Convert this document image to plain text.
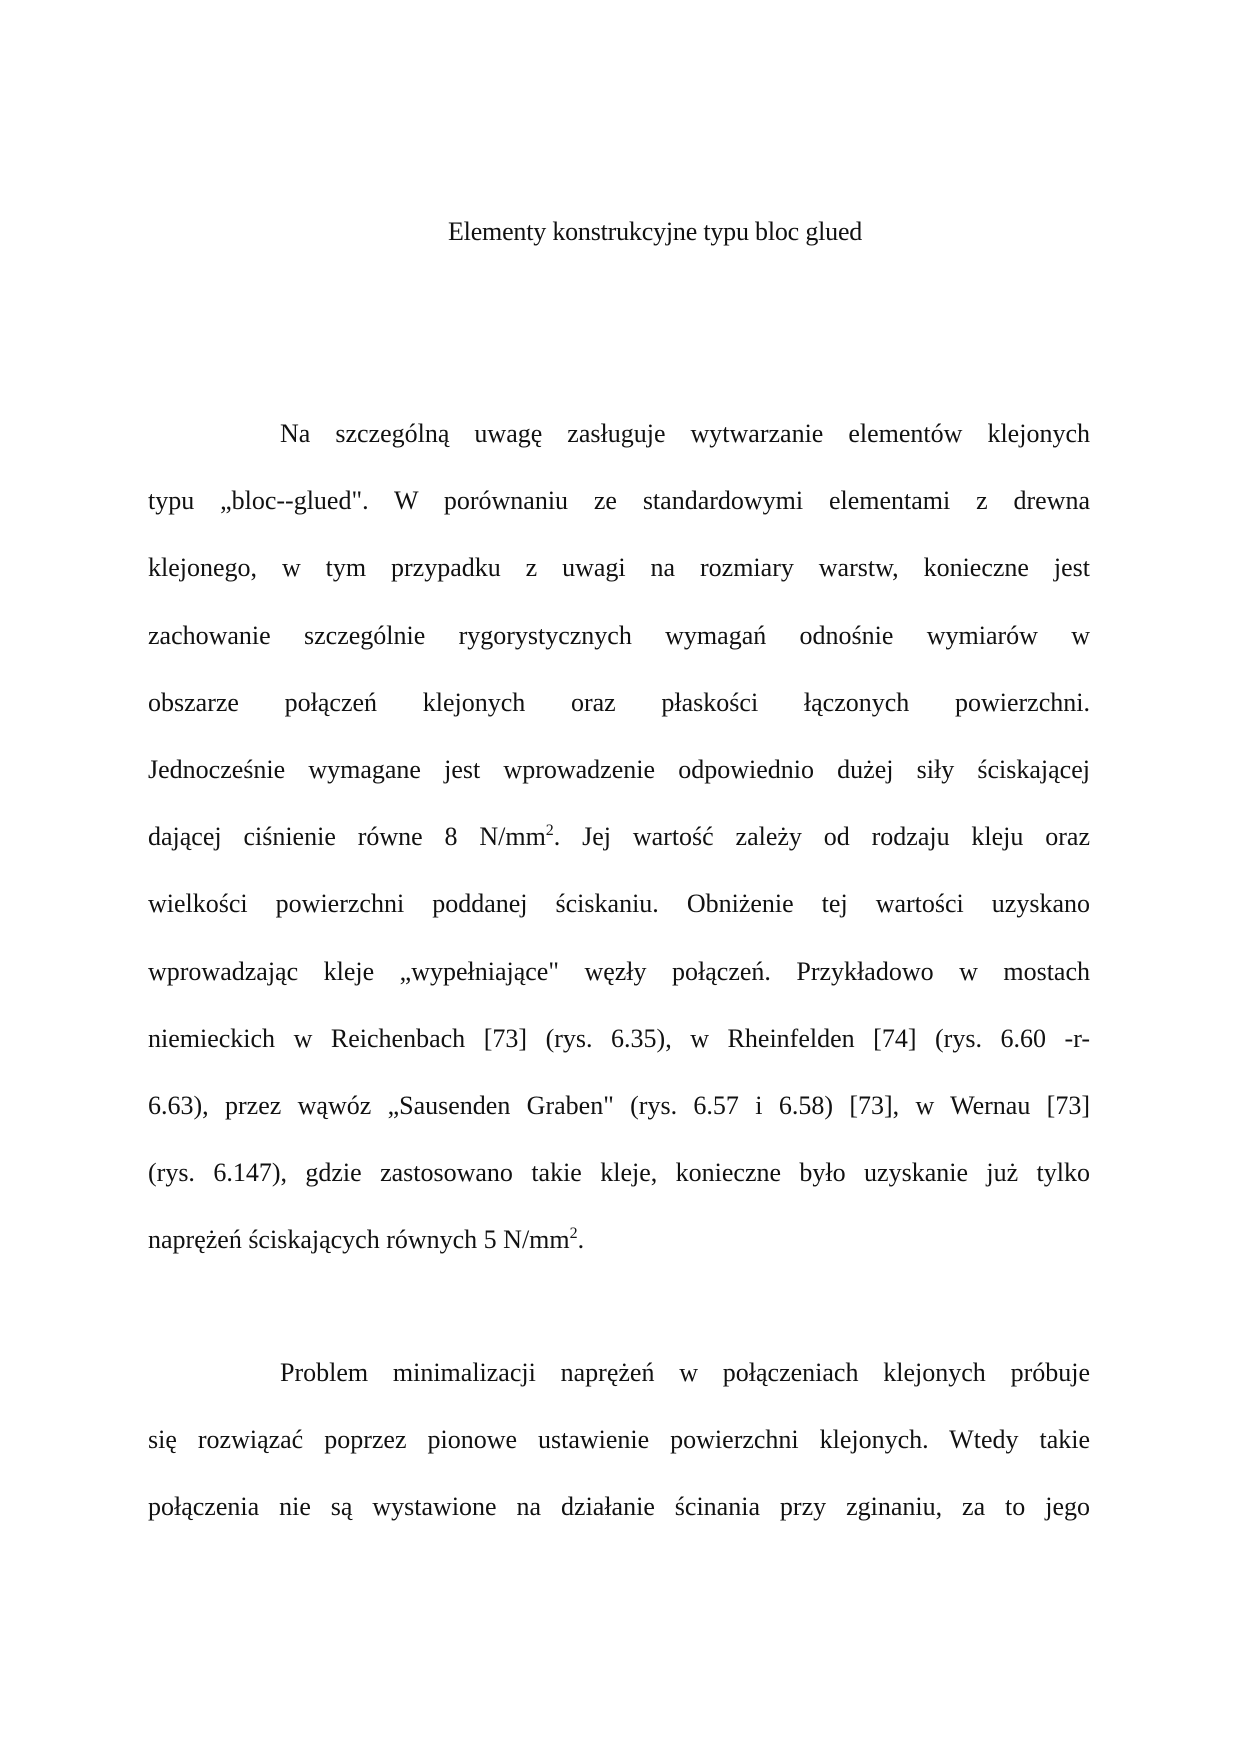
Elementy konstrukcyjne typu bloc glued

Na szczególną uwagę zasługuje wytwarzanie elementów klejonych
typu „bloc--glued". W porównaniu ze standardowymi elementami z drewna
klejonego, w tym przypadku z uwagi na rozmiary warstw, konieczne jest
zachowanie szczególnie rygorystycznych wymagań odnośnie wymiarów w
obszarze połączeń klejonych oraz płaskości łączonych powierzchni.
Jednocześnie wymagane jest wprowadzenie odpowiednio dużej siły ściskającej
dającej ciśnienie równe 8 $N/mm^2$. Jej wartość zależy od rodzaju kleju oraz
wielkości powierzchni poddanej ściskaniu. Obniżenie tej wartości uzyskano
wprowadzając kleje „wypełniające" węzły połączeń. Przykładowo w mostach
niemieckich w Reichenbach [73] (rys. 6.35), w Rheinfelden [74] (rys. 6.60 -r-
6.63), przez wąwóz „Sausenden Graben" (rys. 6.57 i 6.58) [73], w Wernau [73]
(rys. 6.147), gdzie zastosowano takie kleje, konieczne było uzyskanie już tylko
naprężeń ściskających równych 5 $N/mm^2$.

Problem minimalizacji naprężeń w połączeniach klejonych próbuje
się rozwiązać poprzez pionowe ustawienie powierzchni klejonych. Wtedy takie
połączenia nie są wystawione na działanie ścinania przy zginaniu, za to jego
